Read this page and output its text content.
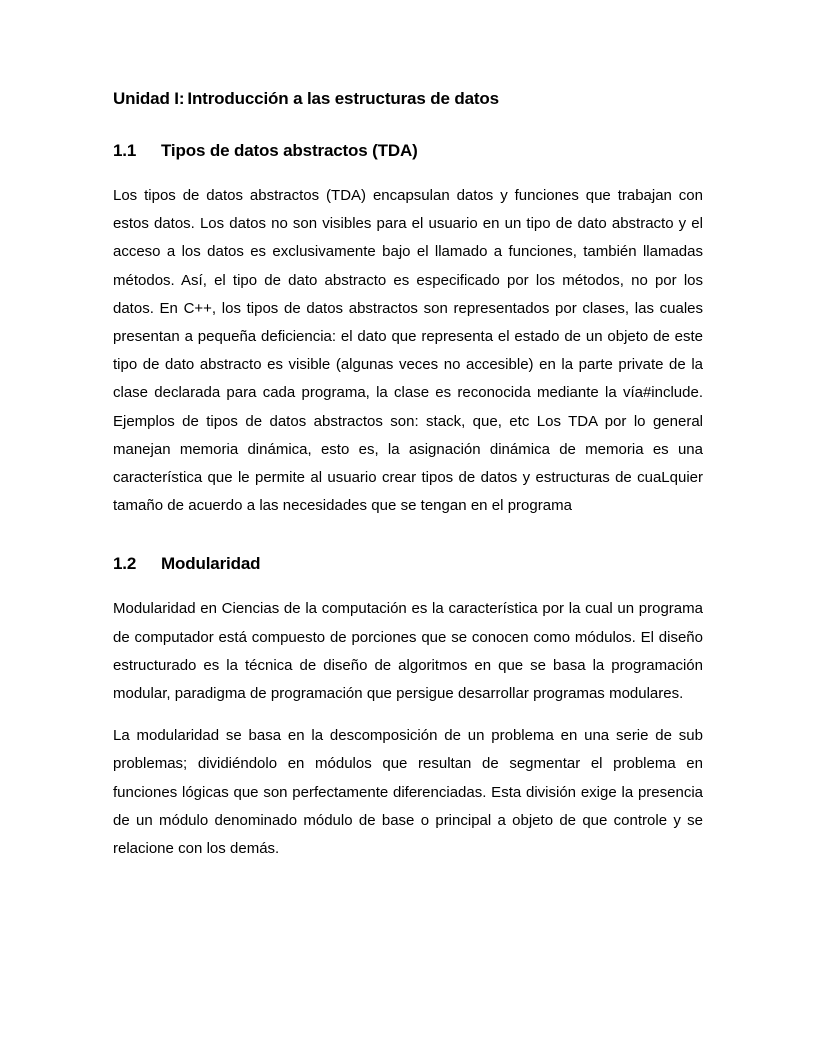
Unidad I: Introducción a las estructuras de datos
1.1	Tipos de datos abstractos (TDA)

Los tipos de datos abstractos (TDA) encapsulan datos y funciones que trabajan con estos datos. Los datos no son visibles para el usuario en un tipo de dato abstracto y el acceso a los datos es exclusivamente bajo el llamado a funciones, también llamadas métodos. Así, el tipo de dato abstracto es especificado por los métodos, no por los datos. En C++, los tipos de datos abstractos son representados por clases, las cuales presentan a pequeña deficiencia: el dato que representa el estado de un objeto de este tipo de dato abstracto es visible (algunas veces no accesible) en la parte private de la clase declarada para cada programa, la clase es reconocida mediante la vía#include. Ejemplos de tipos de datos abstractos son: stack, que, etc Los TDA por lo general manejan memoria dinámica, esto es, la asignación dinámica de memoria es una característica que le permite al usuario crear tipos de datos y estructuras de cuaLquier tamaño de acuerdo a las necesidades que se tengan en el programa

1.2	Modularidad

Modularidad en Ciencias de la computación es la característica por la cual un programa de computador está compuesto de porciones que se conocen como módulos. El diseño estructurado es la técnica de diseño de algoritmos en que se basa la programación modular, paradigma de programación que persigue desarrollar programas modulares.

La modularidad se basa en la descomposición de un problema en una serie de sub problemas; dividiéndolo en módulos que resultan de segmentar el problema en funciones lógicas que son perfectamente diferenciadas. Esta división exige la presencia de un módulo denominado módulo de base o principal a objeto de que controle y se relacione con los demás.
